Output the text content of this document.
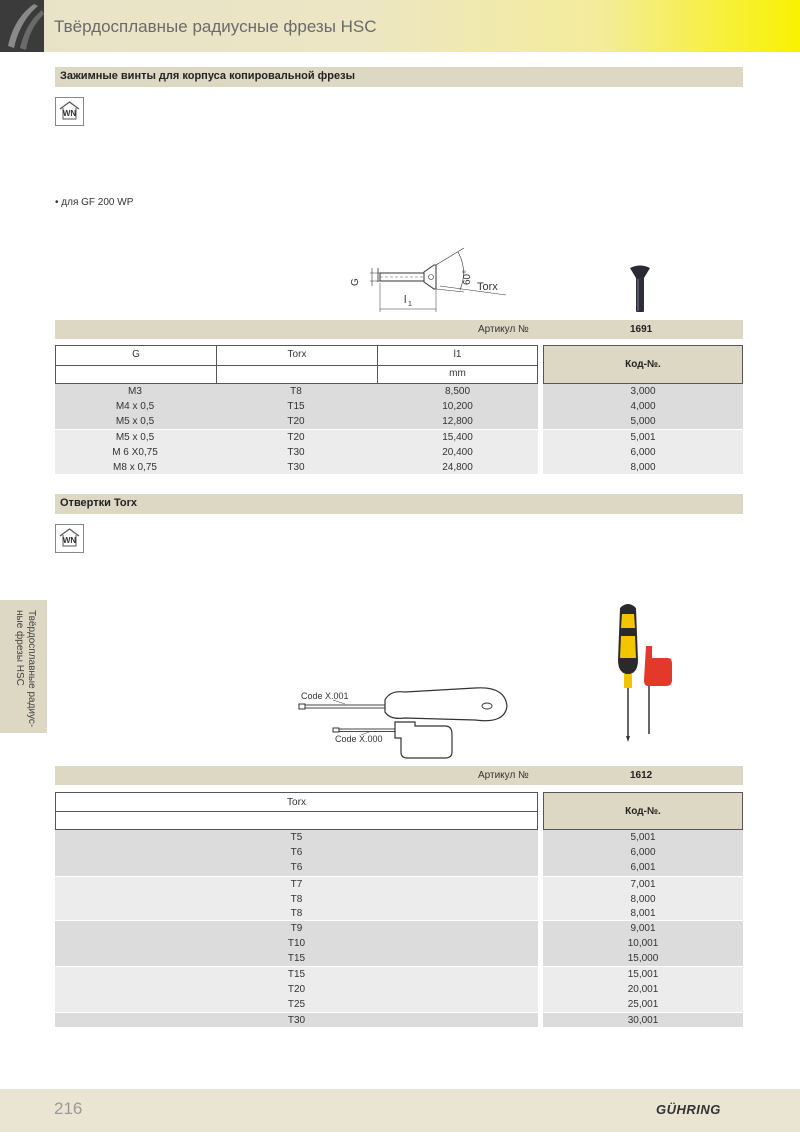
Твёрдосплавные радиусные фрезы HSC
Зажимные винты для корпуса копировальной фрезы
WN
• для GF 200 WP
G	60°
Torx
l 1
Артикул №	1691
G	Torx	l1
mm
Код-№.
M3	T8	8,500	3,000
M4 x 0,5	T15	10,200	4,000
M5 x 0,5	T20	12,800	5,000
M5 x 0,5	T20	15,400	5,001
M 6 X0,75	T30	20,400	6,000
M8 x 0,75	T30	24,800	8,000
Отвертки Torx
WN
Code X.001
Code X.000
Артикул №	1612
Torx
Код-№.
T5	5,001
T6	6,000
T6	6,001
T7	7,001
T8	8,000
T8	8,001
T9	9,001
T10	10,001
T15	15,000
T15	15,001
T20	20,001
T25	25,001
T30	30,001
Твёрдосплавные радиус-
ные фрезы HSC
216	GÜHRING
